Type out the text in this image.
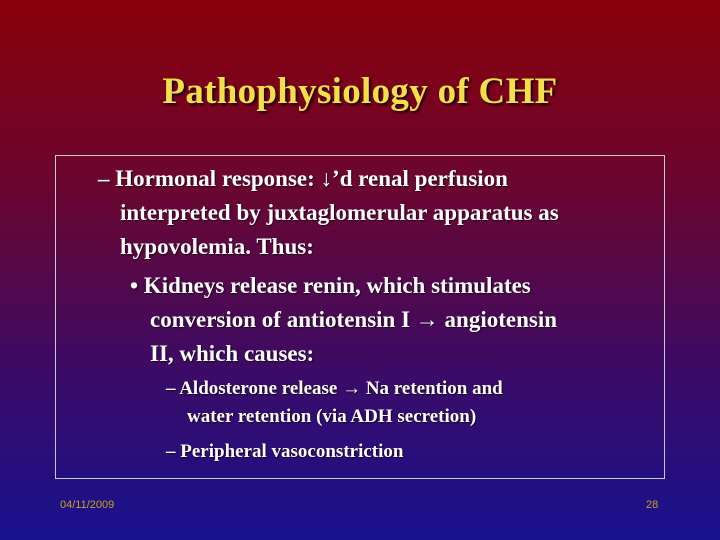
Pathophysiology of CHF
– Hormonal response: ↓’d renal perfusion
interpreted by juxtaglomerular apparatus as
hypovolemia. Thus:
• Kidneys release renin, which stimulates
conversion of antiotensin I → angiotensin
II, which causes:
– Aldosterone release → Na retention and
water retention (via ADH secretion)
– Peripheral vasoconstriction
04/11/2009	28
